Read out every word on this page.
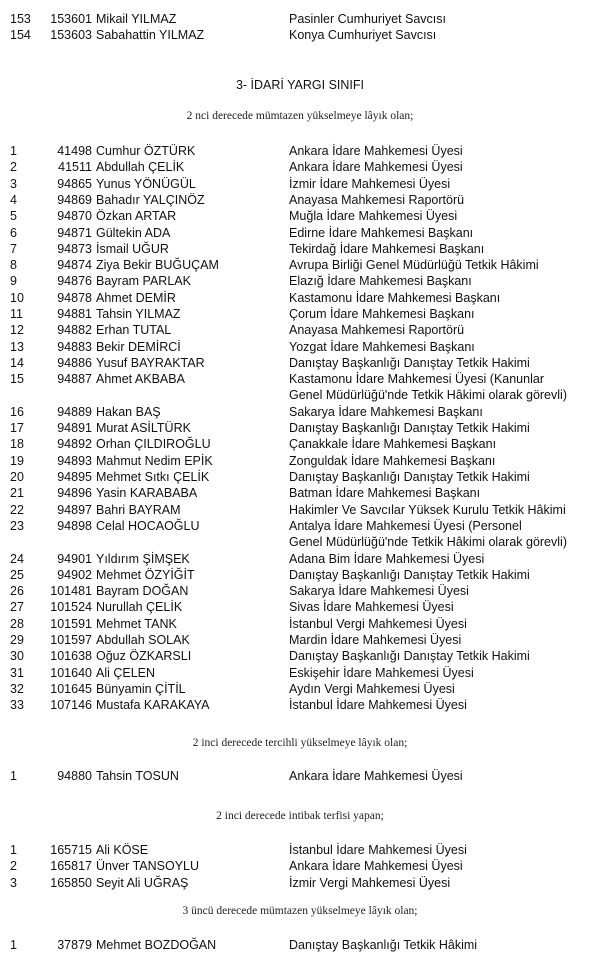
153	153601 Mikail YILMAZ	Pasinler Cumhuriyet Savcısı
154	153603 Sabahattin YILMAZ	Konya Cumhuriyet Savcısı
3- İDARİ YARGI SINIFI
2 nci derecede mümtazen yükselmeye lâyık olan;
1	41498 Cumhur ÖZTÜRK	Ankara İdare Mahkemesi Üyesi
2	41511 Abdullah ÇELİK	Ankara İdare Mahkemesi Üyesi
3	94865 Yunus YÖNÜGÜL	İzmir İdare Mahkemesi Üyesi
4	94869 Bahadır YALÇINÖZ	Anayasa Mahkemesi Raportörü
5	94870 Özkan ARTAR	Muğla İdare Mahkemesi Üyesi
6	94871 Gültekin ADA	Edirne İdare Mahkemesi Başkanı
7	94873 İsmail UĞUR	Tekirdağ İdare Mahkemesi Başkanı
8	94874 Ziya Bekir BUĞUÇAM	Avrupa Birliği Genel Müdürlüğü Tetkik Hâkimi
9	94876 Bayram PARLAK	Elazığ İdare Mahkemesi Başkanı
10	94878 Ahmet DEMİR	Kastamonu İdare Mahkemesi Başkanı
11	94881 Tahsin YILMAZ	Çorum İdare Mahkemesi Başkanı
12	94882 Erhan TUTAL	Anayasa Mahkemesi Raportörü
13	94883 Bekir DEMİRCİ	Yozgat İdare Mahkemesi Başkanı
14	94886 Yusuf BAYRAKTAR	Danıştay Başkanlığı Danıştay Tetkik Hakimi
15	94887 Ahmet AKBABA	Kastamonu İdare Mahkemesi Üyesi (Kanunlar
Genel Müdürlüğü'nde Tetkik Hâkimi olarak görevli)
16	94889 Hakan BAŞ	Sakarya İdare Mahkemesi Başkanı
17	94891 Murat ASİLTÜRK	Danıştay Başkanlığı Danıştay Tetkik Hakimi
18	94892 Orhan ÇILDIROĞLU	Çanakkale İdare Mahkemesi Başkanı
19	94893 Mahmut Nedim EPİK	Zonguldak İdare Mahkemesi Başkanı
20	94895 Mehmet Sıtkı ÇELİK	Danıştay Başkanlığı Danıştay Tetkik Hakimi
21	94896 Yasin KARABABA	Batman İdare Mahkemesi Başkanı
22	94897 Bahri BAYRAM	Hakimler Ve Savcılar Yüksek Kurulu Tetkik Hâkimi
23	94898 Celal HOCAOĞLU	Antalya İdare Mahkemesi Üyesi (Personel
Genel Müdürlüğü'nde Tetkik Hâkimi olarak görevli)
24	94901 Yıldırım ŞİMŞEK	Adana Bim İdare Mahkemesi Üyesi
25	94902 Mehmet ÖZYİĞİT	Danıştay Başkanlığı Danıştay Tetkik Hakimi
26	101481 Bayram DOĞAN	Sakarya İdare Mahkemesi Üyesi
27	101524 Nurullah ÇELİK	Sivas İdare Mahkemesi Üyesi
28	101591 Mehmet TANK	İstanbul Vergi Mahkemesi Üyesi
29	101597 Abdullah SOLAK	Mardin İdare Mahkemesi Üyesi
30	101638 Oğuz ÖZKARSLI	Danıştay Başkanlığı Danıştay Tetkik Hakimi
31	101640 Ali ÇELEN	Eskişehir İdare Mahkemesi Üyesi
32	101645 Bünyamin ÇİTİL	Aydın Vergi Mahkemesi Üyesi
33	107146 Mustafa KARAKAYA	İstanbul İdare Mahkemesi Üyesi
2 inci derecede tercihli yükselmeye lâyık olan;
1	94880 Tahsin TOSUN	Ankara İdare Mahkemesi Üyesi
2 inci derecede intibak terfisi yapan;
1	165715 Ali KÖSE	İstanbul İdare Mahkemesi Üyesi
2	165817 Ünver TANSOYLU	Ankara İdare Mahkemesi Üyesi
3	165850 Seyit Ali UĞRAŞ	İzmir Vergi Mahkemesi Üyesi
3 üncü derecede mümtazen yükselmeye lâyık olan;
1	37879 Mehmet BOZDOĞAN	Danıştay Başkanlığı Tetkik Hâkimi
